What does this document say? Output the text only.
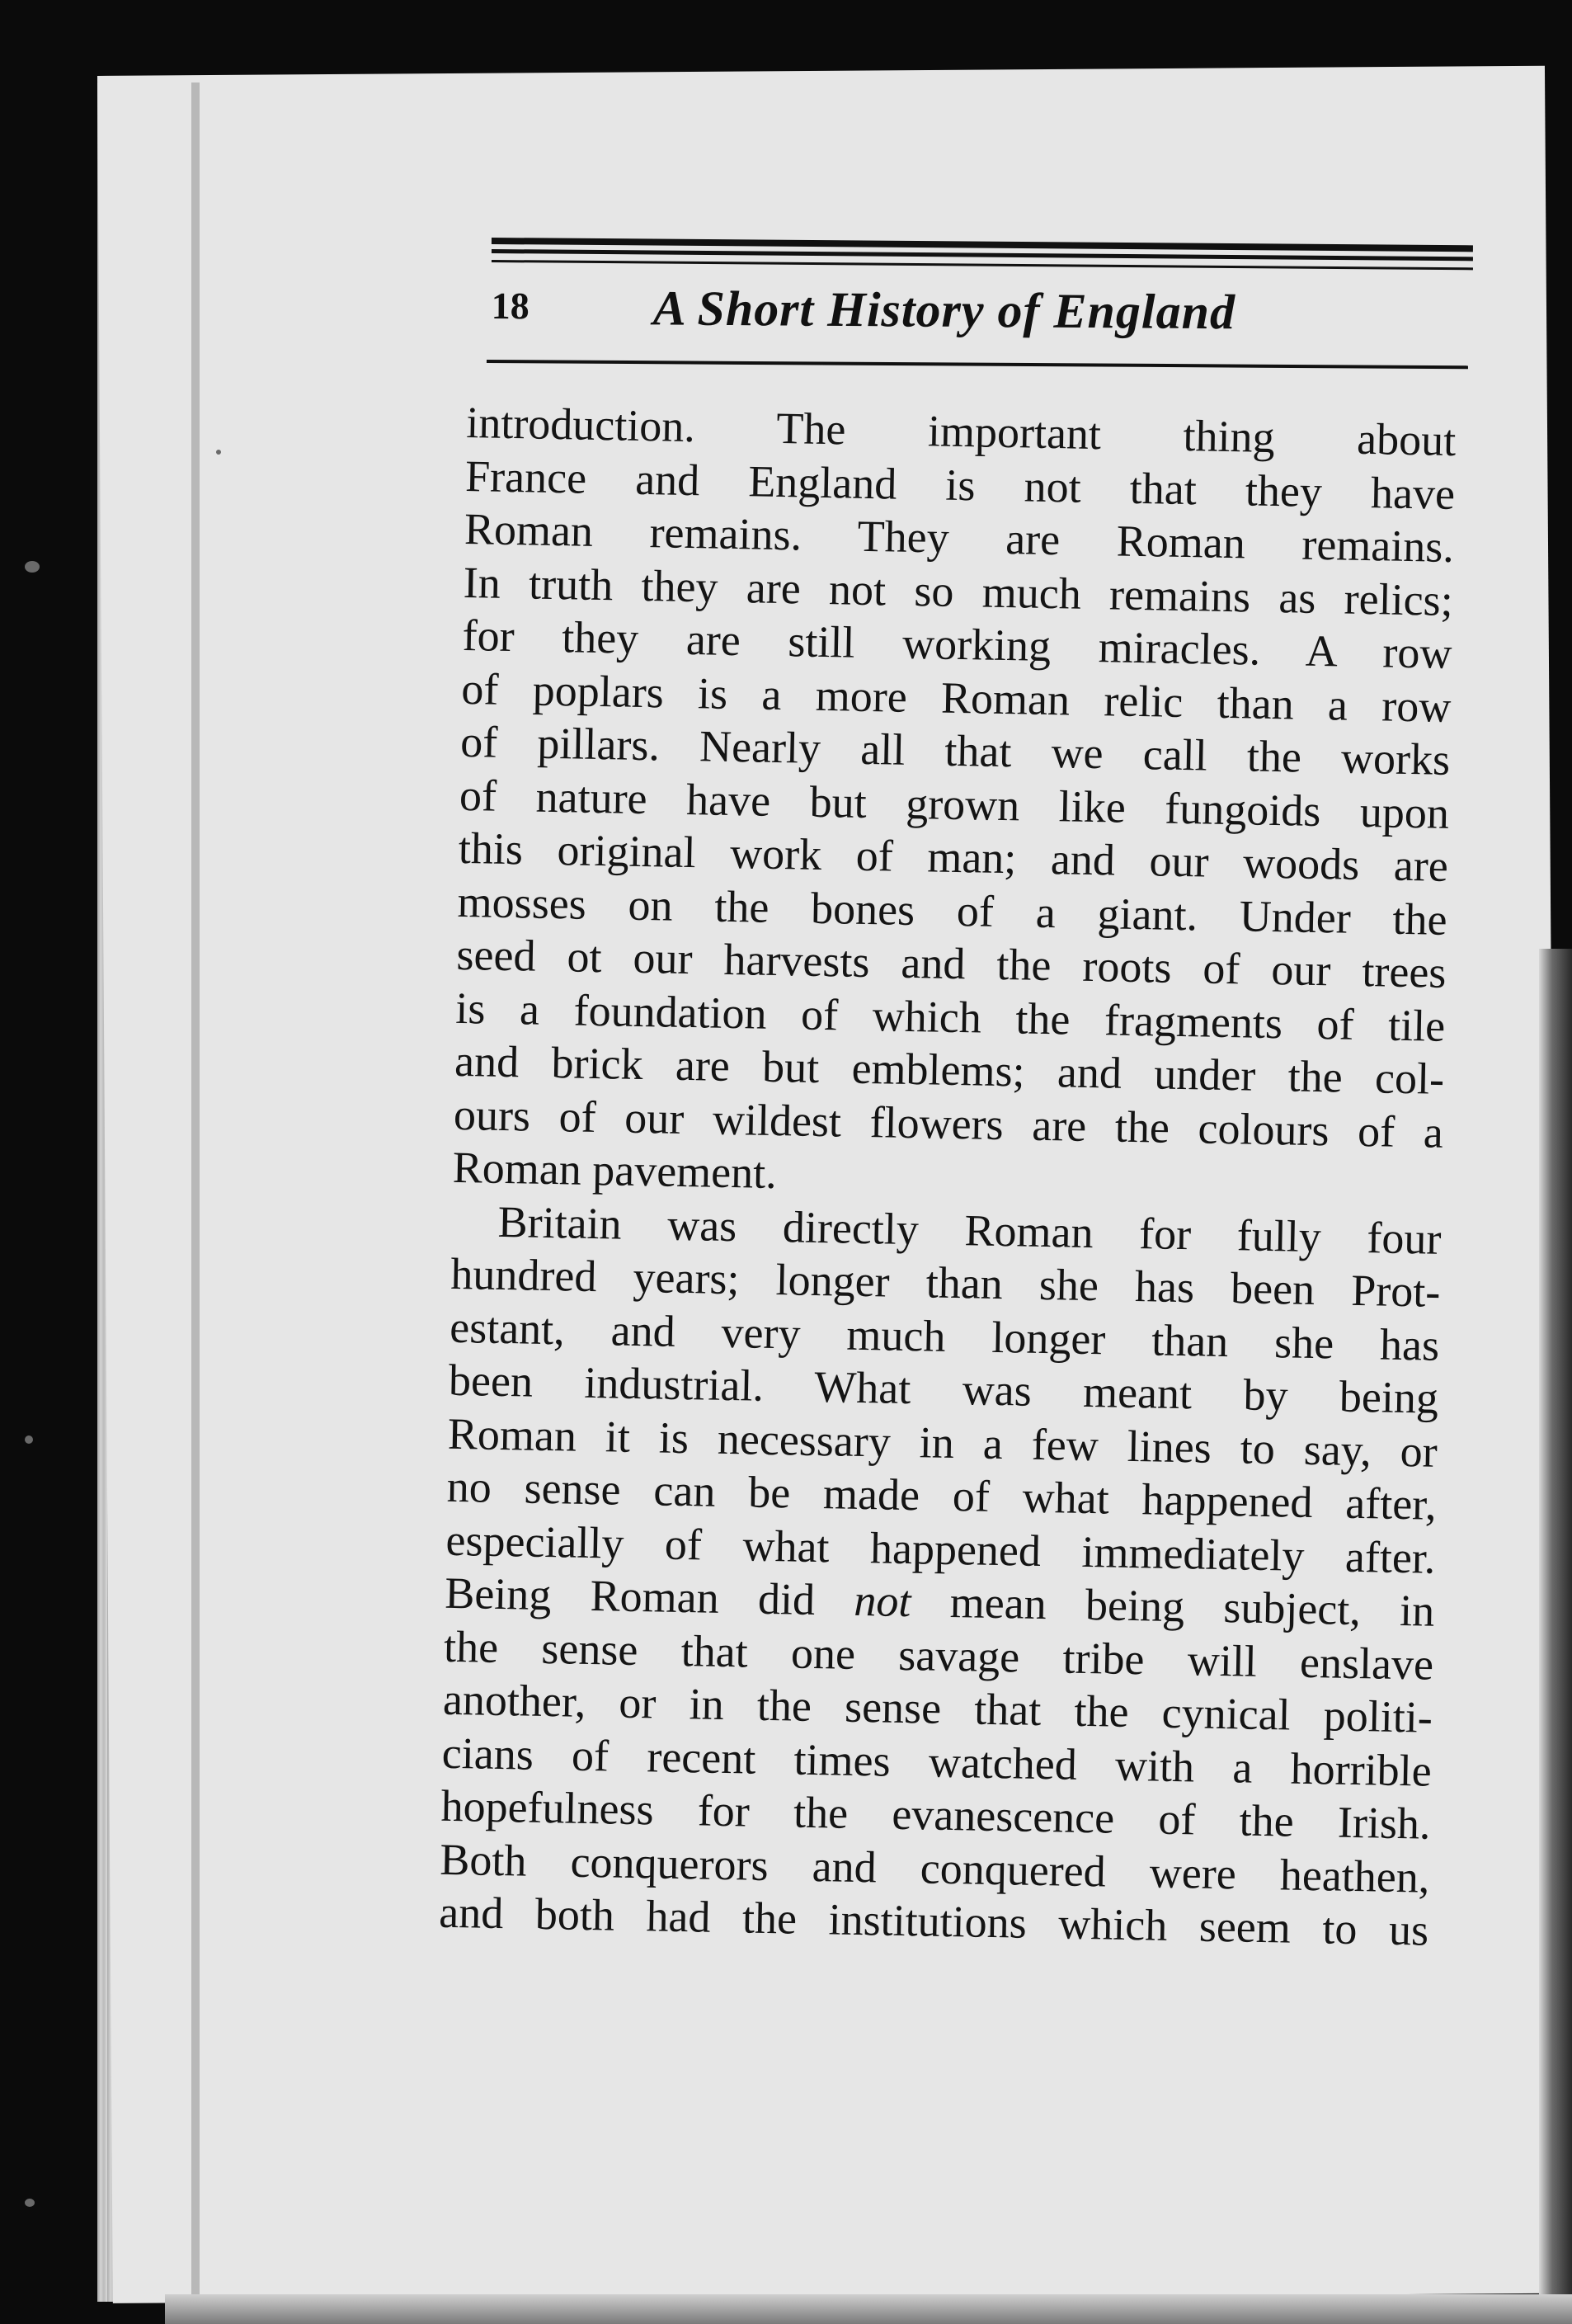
18 A Short History of England
introduction. The important thing about
France and England is not that they have
Roman remains. They are Roman remains.
In truth they are not so much remains as relics;
for they are still working miracles. A row
of poplars is a more Roman relic than a row
of pillars. Nearly all that we call the works
of nature have but grown like fungoids upon
this original work of man; and our woods are
mosses on the bones of a giant. Under the
seed ot our harvests and the roots of our trees
is a foundation of which the fragments of tile
and brick are but emblems; and under the col-
ours of our wildest flowers are the colours of a
Roman pavement.
Britain was directly Roman for fully four
hundred years; longer than she has been Prot-
estant, and very much longer than she has
been industrial. What was meant by being
Roman it is necessary in a few lines to say, or
no sense can be made of what happened after,
especially of what happened immediately after.
Being Roman did not mean being subject, in
the sense that one savage tribe will enslave
another, or in the sense that the cynical politi-
cians of recent times watched with a horrible
hopefulness for the evanescence of the Irish.
Both conquerors and conquered were heathen,
and both had the institutions which seem to us
